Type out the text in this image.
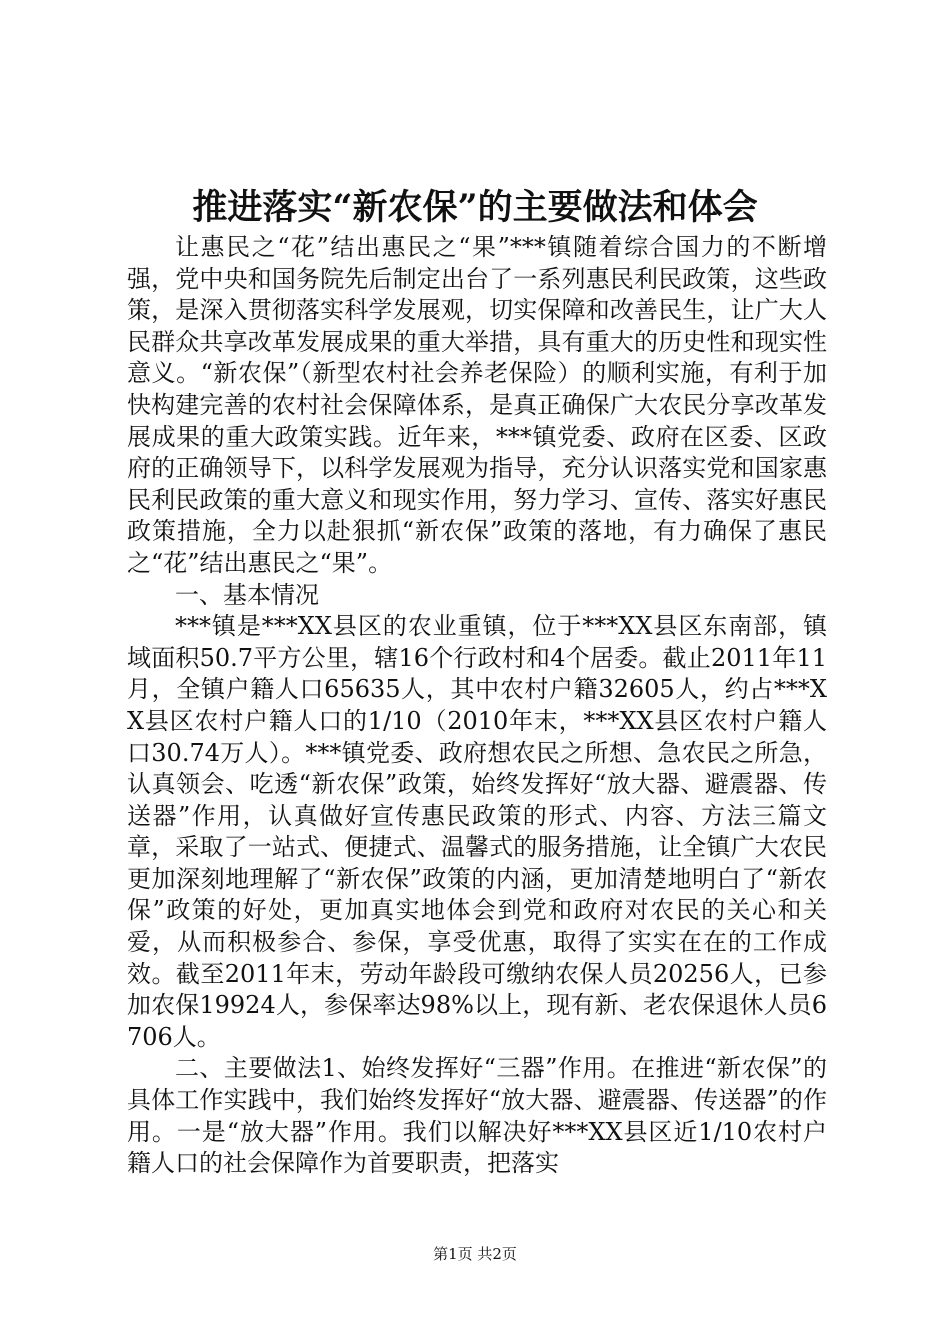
推进落实“新农保”的主要做法和体会

让惠民之“花”结出惠民之“果”***镇随着综合国力的不断增强，党中央和国务院先后制定出台了一系列惠民利民政策，这些政策，是深入贯彻落实科学发展观，切实保障和改善民生，让广大人民群众共享改革发展成果的重大举措，具有重大的历史性和现实性意义。“新农保”（新型农村社会养老保险）的顺利实施，有利于加快构建完善的农村社会保障体系，是真正确保广大农民分享改革发展成果的重大政策实践。近年来，***镇党委、政府在区委、区政府的正确领导下，以科学发展观为指导，充分认识落实党和国家惠民利民政策的重大意义和现实作用，努力学习、宣传、落实好惠民政策措施，全力以赴狠抓“新农保”政策的落地，有力确保了惠民之“花”结出惠民之“果”。

一、基本情况

***镇是***XX县区的农业重镇，位于***XX县区东南部，镇域面积50.7平方公里，辖16个行政村和4个居委。截止2011年11月，全镇户籍人口65635人，其中农村户籍32605人，约占***XX县区农村户籍人口的1/10（2010年末，***XX县区农村户籍人口30.74万人）。***镇党委、政府想农民之所想、急农民之所急，认真领会、吃透“新农保”政策，始终发挥好“放大器、避震器、传送器”作用，认真做好宣传惠民政策的形式、内容、方法三篇文章，采取了一站式、便捷式、温馨式的服务措施，让全镇广大农民更加深刻地理解了“新农保”政策的内涵，更加清楚地明白了“新农保”政策的好处，更加真实地体会到党和政府对农民的关心和关爱，从而积极参合、参保，享受优惠，取得了实实在在的工作成效。截至2011年末，劳动年龄段可缴纳农保人员20256人，已参加农保19924人，参保率达98%以上，现有新、老农保退休人员6706人。

二、主要做法1、始终发挥好“三器”作用。在推进“新农保”的具体工作实践中，我们始终发挥好“放大器、避震器、传送器”的作用。一是“放大器”作用。我们以解决好***XX县区近1/10农村户籍人口的社会保障作为首要职责，把落实

第1页 共2页
